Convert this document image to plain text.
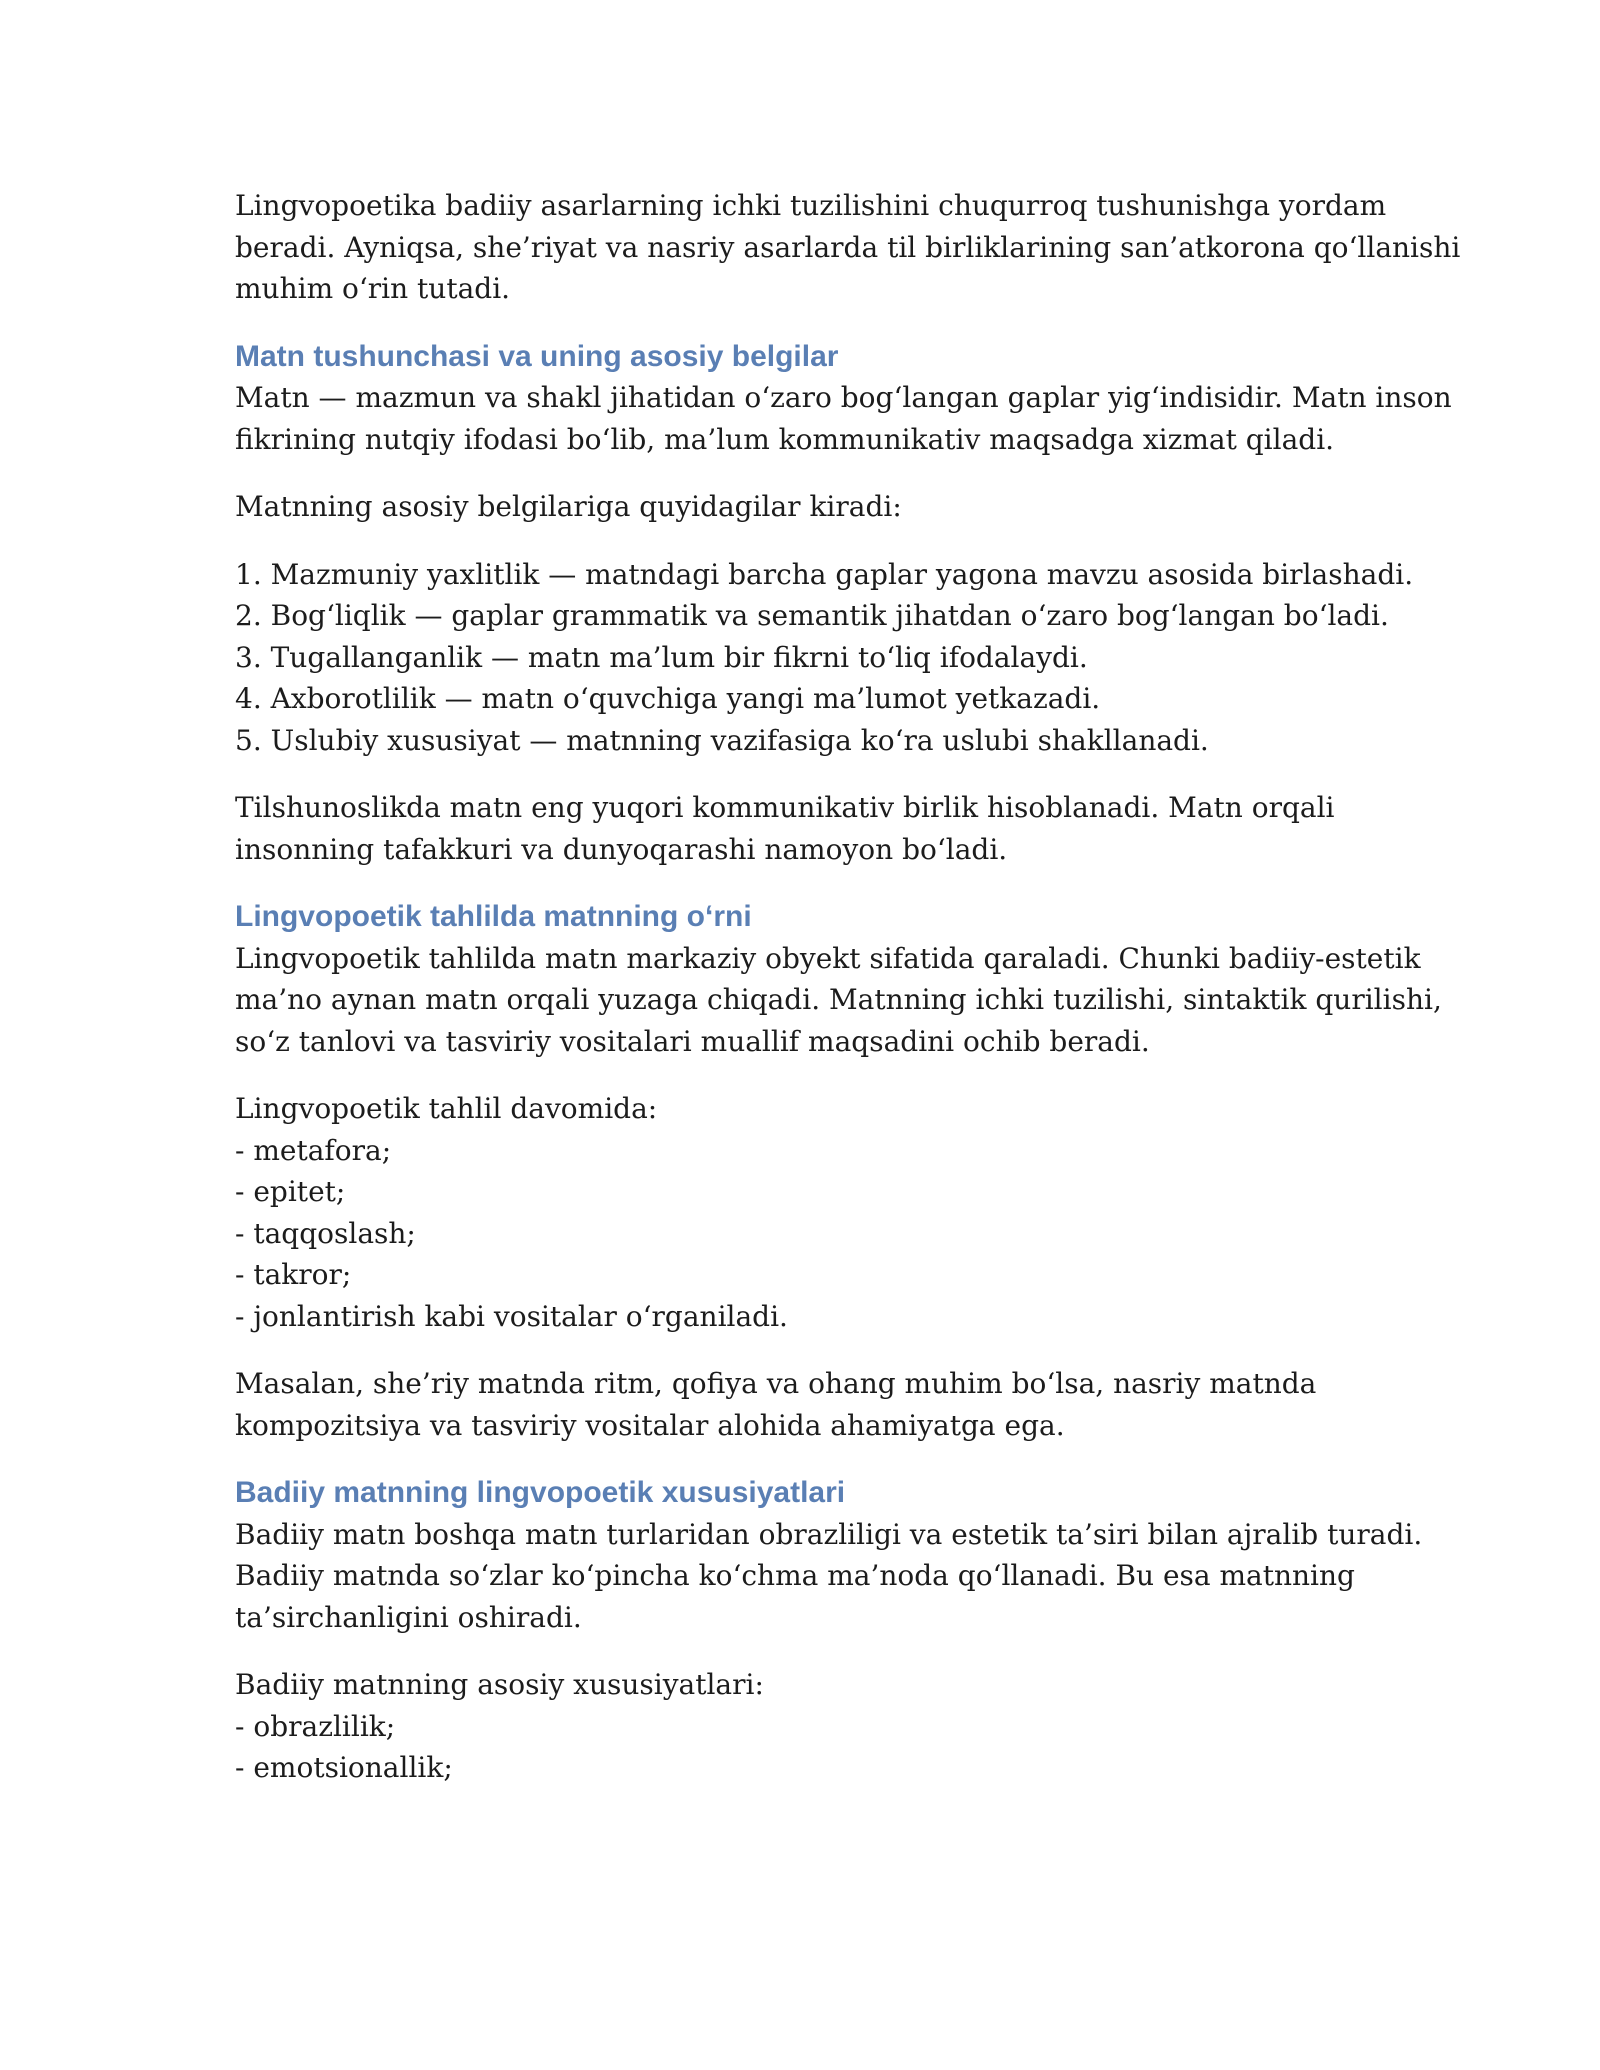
Lingvopoetika badiiy asarlarning ichki tuzilishini chuqurroq tushunishga yordam
beradi. Ayniqsa, she’riyat va nasriy asarlarda til birliklarining san’atkorona qo‘llanishi
muhim o‘rin tutadi.
Matn tushunchasi va uning asosiy belgilar
Matn — mazmun va shakl jihatidan o‘zaro bog‘langan gaplar yig‘indisidir. Matn inson
fikrining nutqiy ifodasi bo‘lib, ma’lum kommunikativ maqsadga xizmat qiladi.
Matnning asosiy belgilariga quyidagilar kiradi:
1. Mazmuniy yaxlitlik — matndagi barcha gaplar yagona mavzu asosida birlashadi.
2. Bog‘liqlik — gaplar grammatik va semantik jihatdan o‘zaro bog‘langan bo‘ladi.
3. Tugallanganlik — matn ma’lum bir fikrni to‘liq ifodalaydi.
4. Axborotlilik — matn o‘quvchiga yangi ma’lumot yetkazadi.
5. Uslubiy xususiyat — matnning vazifasiga ko‘ra uslubi shakllanadi.
Tilshunoslikda matn eng yuqori kommunikativ birlik hisoblanadi. Matn orqali
insonning tafakkuri va dunyoqarashi namoyon bo‘ladi.
Lingvopoetik tahlilda matnning o‘rni
Lingvopoetik tahlilda matn markaziy obyekt sifatida qaraladi. Chunki badiiy-estetik
ma’no aynan matn orqali yuzaga chiqadi. Matnning ichki tuzilishi, sintaktik qurilishi,
so‘z tanlovi va tasviriy vositalari muallif maqsadini ochib beradi.
Lingvopoetik tahlil davomida:
- metafora;
- epitet;
- taqqoslash;
- takror;
- jonlantirish kabi vositalar o‘rganiladi.
Masalan, she’riy matnda ritm, qofiya va ohang muhim bo‘lsa, nasriy matnda
kompozitsiya va tasviriy vositalar alohida ahamiyatga ega.
Badiiy matnning lingvopoetik xususiyatlari
Badiiy matn boshqa matn turlaridan obrazliligi va estetik ta’siri bilan ajralib turadi.
Badiiy matnda so‘zlar ko‘pincha ko‘chma ma’noda qo‘llanadi. Bu esa matnning
ta’sirchanligini oshiradi.
Badiiy matnning asosiy xususiyatlari:
- obrazlilik;
- emotsionallik;
